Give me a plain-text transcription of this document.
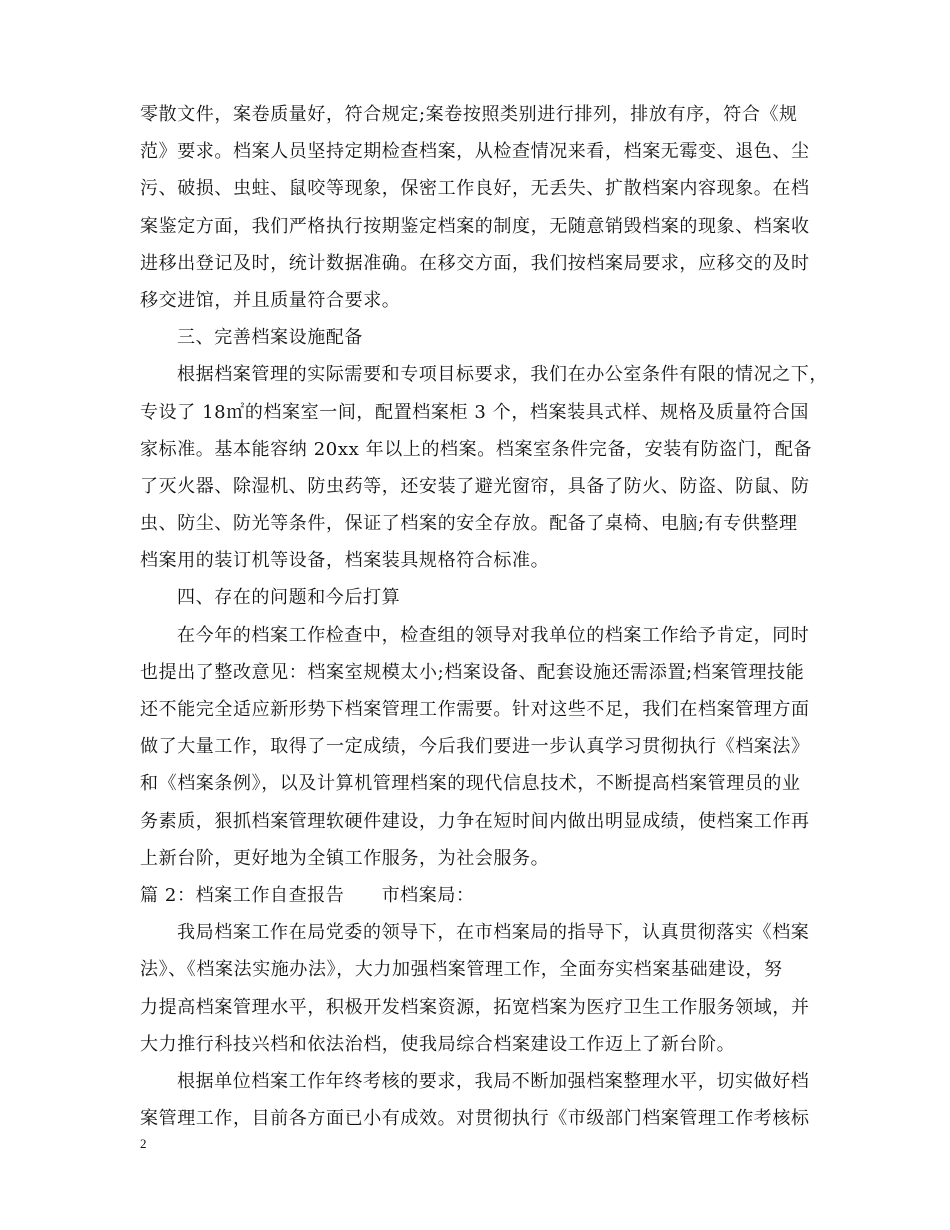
零散文件，案卷质量好，符合规定;案卷按照类别进行排列，排放有序，符合《规
范》要求。档案人员坚持定期检查档案，从检查情况来看，档案无霉变、退色、尘
污、破损、虫蛀、鼠咬等现象，保密工作良好，无丢失、扩散档案内容现象。在档
案鉴定方面，我们严格执行按期鉴定档案的制度，无随意销毁档案的现象、档案收
进移出登记及时，统计数据准确。在移交方面，我们按档案局要求，应移交的及时
移交进馆，并且质量符合要求。
三、完善档案设施配备
根据档案管理的实际需要和专项目标要求，我们在办公室条件有限的情况之下，
专设了 18㎡的档案室一间，配置档案柜 3 个，档案装具式样、规格及质量符合国
家标准。基本能容纳 20xx 年以上的档案。档案室条件完备，安装有防盗门，配备
了灭火器、除湿机、防虫药等，还安装了避光窗帘，具备了防火、防盗、防鼠、防
虫、防尘、防光等条件，保证了档案的安全存放。配备了桌椅、电脑;有专供整理
档案用的装订机等设备，档案装具规格符合标准。
四、存在的问题和今后打算
在今年的档案工作检查中，检查组的领导对我单位的档案工作给予肯定，同时
也提出了整改意见：档案室规模太小;档案设备、配套设施还需添置;档案管理技能
还不能完全适应新形势下档案管理工作需要。针对这些不足，我们在档案管理方面
做了大量工作，取得了一定成绩，今后我们要进一步认真学习贯彻执行《档案法》
和《档案条例》，以及计算机管理档案的现代信息技术，不断提高档案管理员的业
务素质，狠抓档案管理软硬件建设，力争在短时间内做出明显成绩，使档案工作再
上新台阶，更好地为全镇工作服务，为社会服务。
篇 2：档案工作自查报告　　市档案局：
我局档案工作在局党委的领导下，在市档案局的指导下，认真贯彻落实《档案
法》、《档案法实施办法》，大力加强档案管理工作，全面夯实档案基础建设，努
力提高档案管理水平，积极开发档案资源，拓宽档案为医疗卫生工作服务领域，并
大力推行科技兴档和依法治档，使我局综合档案建设工作迈上了新台阶。
根据单位档案工作年终考核的要求，我局不断加强档案整理水平，切实做好档
案管理工作，目前各方面已小有成效。对贯彻执行《市级部门档案管理工作考核标
2
